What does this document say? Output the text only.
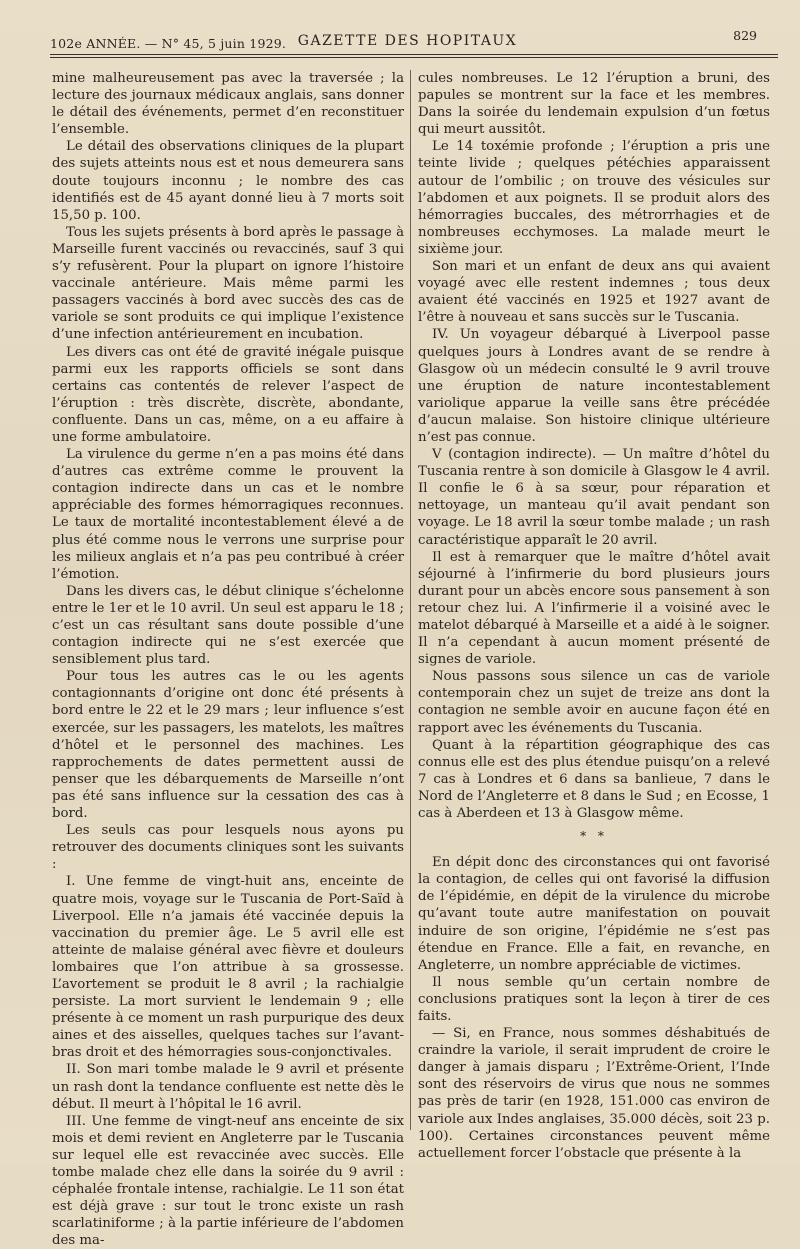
102e ANNÉE. — N° 45, 5 juin 1929. GAZETTE DES HOPITAUX	829

mine malheureusement pas avec la traversée ; la lecture des journaux médicaux anglais, sans donner le détail des événements, permet d’en reconstituer l’ensemble.

Le détail des observations cliniques de la plupart des sujets atteints nous est et nous demeurera sans doute toujours inconnu ; le nombre des cas identifiés est de 45 ayant donné lieu à 7 morts soit 15,50 p. 100.

Tous les sujets présents à bord après le passage à Marseille furent vaccinés ou revaccinés, sauf 3 qui s’y refusèrent. Pour la plupart on ignore l’histoire vaccinale antérieure. Mais même parmi les passagers vaccinés à bord avec succès des cas de variole se sont produits ce qui implique l’existence d’une infection antérieurement en incubation.

Les divers cas ont été de gravité inégale puisque parmi eux les rapports officiels se sont dans certains cas contentés de relever l’aspect de l’éruption : très discrète, discrète, abondante, confluente. Dans un cas, même, on a eu affaire à une forme ambulatoire.

La virulence du germe n’en a pas moins été dans d’autres cas extrême comme le prouvent la contagion indirecte dans un cas et le nombre appréciable des formes hémorragiques reconnues. Le taux de mortalité incontestablement élevé a de plus été comme nous le verrons une surprise pour les milieux anglais et n’a pas peu contribué à créer l’émotion.

Dans les divers cas, le début clinique s’échelonne entre le 1er et le 10 avril. Un seul est apparu le 18 ; c’est un cas résultant sans doute possible d’une contagion indirecte qui ne s’est exercée que sensiblement plus tard.

Pour tous les autres cas le ou les agents contagionnants d’origine ont donc été présents à bord entre le 22 et le 29 mars ; leur influence s’est exercée, sur les passagers, les matelots, les maîtres d’hôtel et le personnel des machines. Les rapprochements de dates permettent aussi de penser que les débarquements de Marseille n’ont pas été sans influence sur la cessation des cas à bord.

Les seuls cas pour lesquels nous ayons pu retrouver des documents cliniques sont les suivants :

I. Une femme de vingt-huit ans, enceinte de quatre mois, voyage sur le Tuscania de Port-Saïd à Liverpool. Elle n’a jamais été vaccinée depuis la vaccination du premier âge. Le 5 avril elle est atteinte de malaise général avec fièvre et douleurs lombaires que l’on attribue à sa grossesse. L’avortement se produit le 8 avril ; la rachialgie persiste. La mort survient le lendemain 9 ; elle présente à ce moment un rash purpurique des deux aines et des aisselles, quelques taches sur l’avant-bras droit et des hémorragies sous-conjonctivales.

II. Son mari tombe malade le 9 avril et présente un rash dont la tendance confluente est nette dès le début. Il meurt à l’hôpital le 16 avril.

III. Une femme de vingt-neuf ans enceinte de six mois et demi revient en Angleterre par le Tuscania sur lequel elle est revaccinée avec succès. Elle tombe malade chez elle dans la soirée du 9 avril : céphalée frontale intense, rachialgie. Le 11 son état est déjà grave : sur tout le tronc existe un rash scarlatiniforme ; à la partie inférieure de l’abdomen des ma-

cules nombreuses. Le 12 l’éruption a bruni, des papules se montrent sur la face et les membres. Dans la soirée du lendemain expulsion d’un fœtus qui meurt aussitôt.

Le 14 toxémie profonde ; l’éruption a pris une teinte livide ; quelques pétéchies apparaissent autour de l’ombilic ; on trouve des vésicules sur l’abdomen et aux poignets. Il se produit alors des hémorragies buccales, des métrorrhagies et de nombreuses ecchymoses. La malade meurt le sixième jour.

Son mari et un enfant de deux ans qui avaient voyagé avec elle restent indemnes ; tous deux avaient été vaccinés en 1925 et 1927 avant de l’être à nouveau et sans succès sur le Tuscania.

IV. Un voyageur débarqué à Liverpool passe quelques jours à Londres avant de se rendre à Glasgow où un médecin consulté le 9 avril trouve une éruption de nature incontestablement variolique apparue la veille sans être précédée d’aucun malaise. Son histoire clinique ultérieure n’est pas connue.

V (contagion indirecte). — Un maître d’hôtel du Tuscania rentre à son domicile à Glasgow le 4 avril. Il confie le 6 à sa sœur, pour réparation et nettoyage, un manteau qu’il avait pendant son voyage. Le 18 avril la sœur tombe malade ; un rash caractéristique apparaît le 20 avril.

Il est à remarquer que le maître d’hôtel avait séjourné à l’infirmerie du bord plusieurs jours durant pour un abcès encore sous pansement à son retour chez lui. A l’infirmerie il a voisiné avec le matelot débarqué à Marseille et a aidé à le soigner. Il n’a cependant à aucun moment présenté de signes de variole.

Nous passons sous silence un cas de variole contemporain chez un sujet de treize ans dont la contagion ne semble avoir en aucune façon été en rapport avec les événements du Tuscania.

Quant à la répartition géographique des cas connus elle est des plus étendue puisqu’on a relevé 7 cas à Londres et 6 dans sa banlieue, 7 dans le Nord de l’Angleterre et 8 dans le Sud ; en Ecosse, 1 cas à Aberdeen et 13 à Glasgow même.

* *

En dépit donc des circonstances qui ont favorisé la contagion, de celles qui ont favorisé la diffusion de l’épidémie, en dépit de la virulence du microbe qu’avant toute autre manifestation on pouvait induire de son origine, l’épidémie ne s’est pas étendue en France. Elle a fait, en revanche, en Angleterre, un nombre appréciable de victimes.

Il nous semble qu’un certain nombre de conclusions pratiques sont la leçon à tirer de ces faits.

— Si, en France, nous sommes déshabitués de craindre la variole, il serait imprudent de croire le danger à jamais disparu ; l’Extrême-Orient, l’Inde sont des réservoirs de virus que nous ne sommes pas près de tarir (en 1928, 151.000 cas environ de variole aux Indes anglaises, 35.000 décès, soit 23 p. 100). Certaines circonstances peuvent même actuellement forcer l’obstacle que présente à la
